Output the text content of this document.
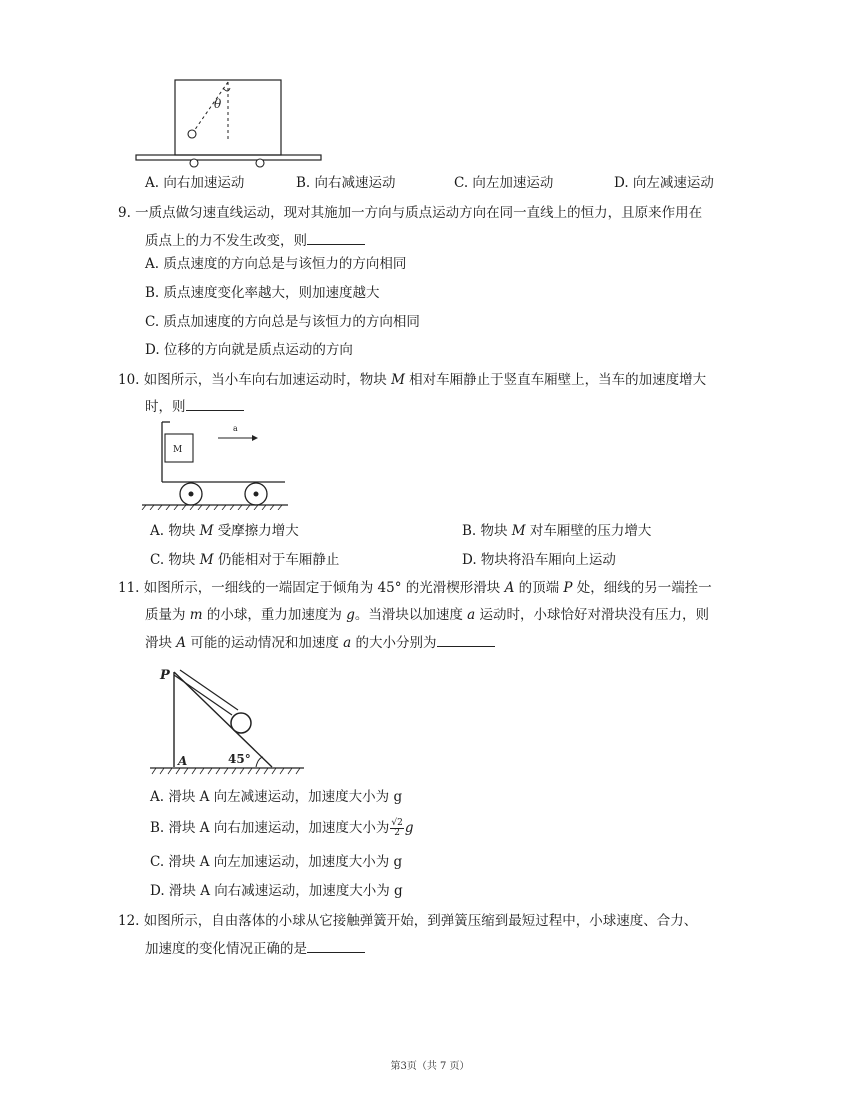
θ
A. 向右加速运动	B. 向右减速运动	C. 向左加速运动	D. 向左减速运动
9. 一质点做匀速直线运动，现对其施加一方向与质点运动方向在同一直线上的恒力，且原来作用在
质点上的力不发生改变，则
A. 质点速度的方向总是与该恒力的方向相同
B. 质点速度变化率越大，则加速度越大
C. 质点加速度的方向总是与该恒力的方向相同
D. 位移的方向就是质点运动的方向
10. 如图所示，当小车向右加速运动时，物块 M 相对车厢静止于竖直车厢壁上，当车的加速度增大
时，则
M
a
A. 物块 M 受摩擦力增大	B. 物块 M 对车厢壁的压力增大
C. 物块 M 仍能相对于车厢静止	D. 物块将沿车厢向上运动
11. 如图所示，一细线的一端固定于倾角为 45° 的光滑楔形滑块 A 的顶端 P 处，细线的另一端拴一
质量为 m 的小球，重力加速度为 g。当滑块以加速度 a 运动时，小球恰好对滑块没有压力，则
滑块 A 可能的运动情况和加速度 a 的大小分别为
P
A	45°
A. 滑块 A 向左减速运动，加速度大小为 g
B. 滑块 A 向右加速运动，加速度大小为 $\frac{√2}{2}$ g
C. 滑块 A 向左加速运动，加速度大小为 g
D. 滑块 A 向右减速运动，加速度大小为 g
12. 如图所示，自由落体的小球从它接触弹簧开始，到弹簧压缩到最短过程中，小球速度、合力、
加速度的变化情况正确的是
第3页（共 7 页）
